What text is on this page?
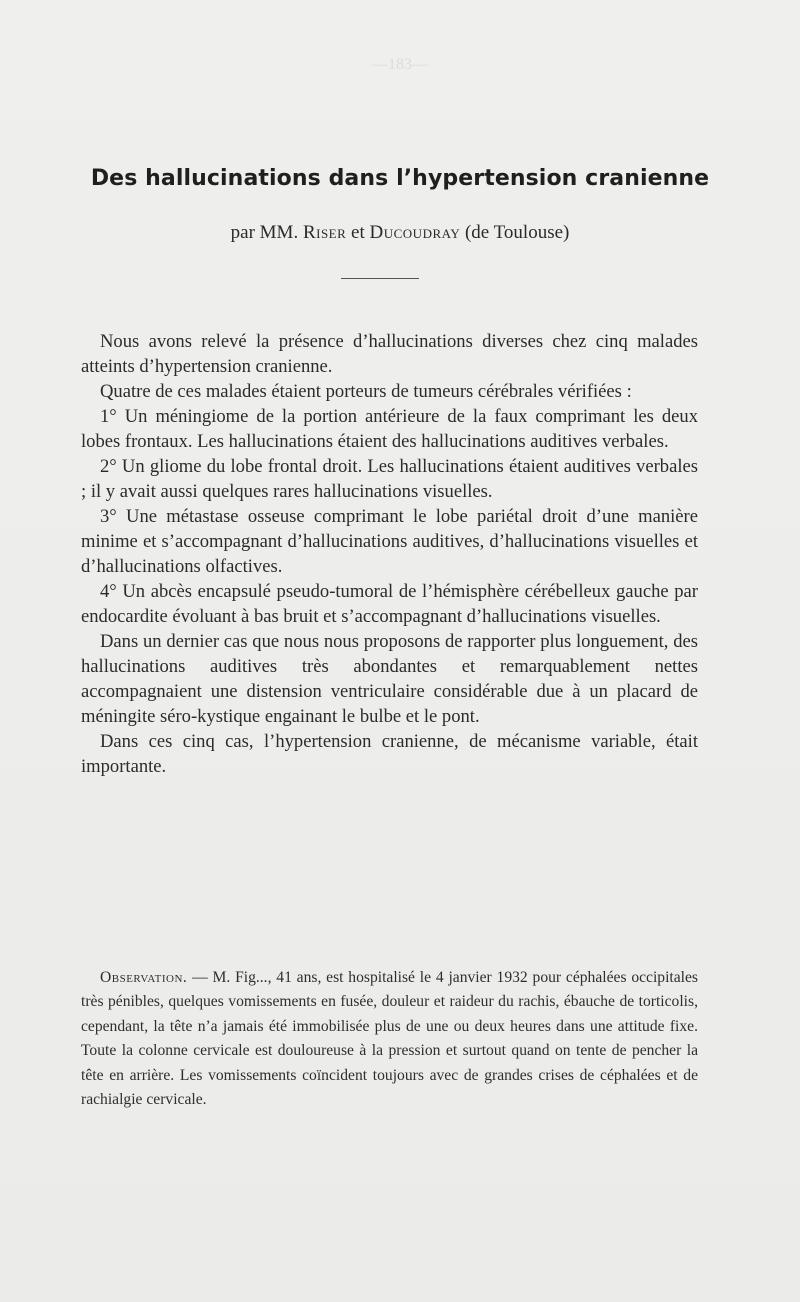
—183—
Des hallucinations dans l’hypertension cranienne
par MM. Riser et Ducoudray (de Toulouse)

Nous avons relevé la présence d’hallucinations diverses chez cinq malades atteints d’hypertension cranienne.

Quatre de ces malades étaient porteurs de tumeurs cérébrales vérifiées :

1° Un méningiome de la portion antérieure de la faux comprimant les deux lobes frontaux. Les hallucinations étaient des hallucinations auditives verbales.

2° Un gliome du lobe frontal droit. Les hallucinations étaient auditives verbales ; il y avait aussi quelques rares hallucinations visuelles.

3° Une métastase osseuse comprimant le lobe pariétal droit d’une manière minime et s’accompagnant d’hallucinations auditives, d’hallucinations visuelles et d’hallucinations olfactives.

4° Un abcès encapsulé pseudo-tumoral de l’hémisphère cérébelleux gauche par endocardite évoluant à bas bruit et s’accompagnant d’hallucinations visuelles.

Dans un dernier cas que nous nous proposons de rapporter plus longuement, des hallucinations auditives très abondantes et remarquablement nettes accompagnaient une distension ventriculaire considérable due à un placard de méningite séro-kystique engainant le bulbe et le pont.

Dans ces cinq cas, l’hypertension cranienne, de mécanisme variable, était importante.

Observation. — M. Fig..., 41 ans, est hospitalisé le 4 janvier 1932 pour céphalées occipitales très pénibles, quelques vomissements en fusée, douleur et raideur du rachis, ébauche de torticolis, cependant, la tête n’a jamais été immobilisée plus de une ou deux heures dans une attitude fixe. Toute la colonne cervicale est douloureuse à la pression et surtout quand on tente de pencher la tête en arrière. Les vomissements coïncident toujours avec de grandes crises de céphalées et de rachialgie cervicale.
